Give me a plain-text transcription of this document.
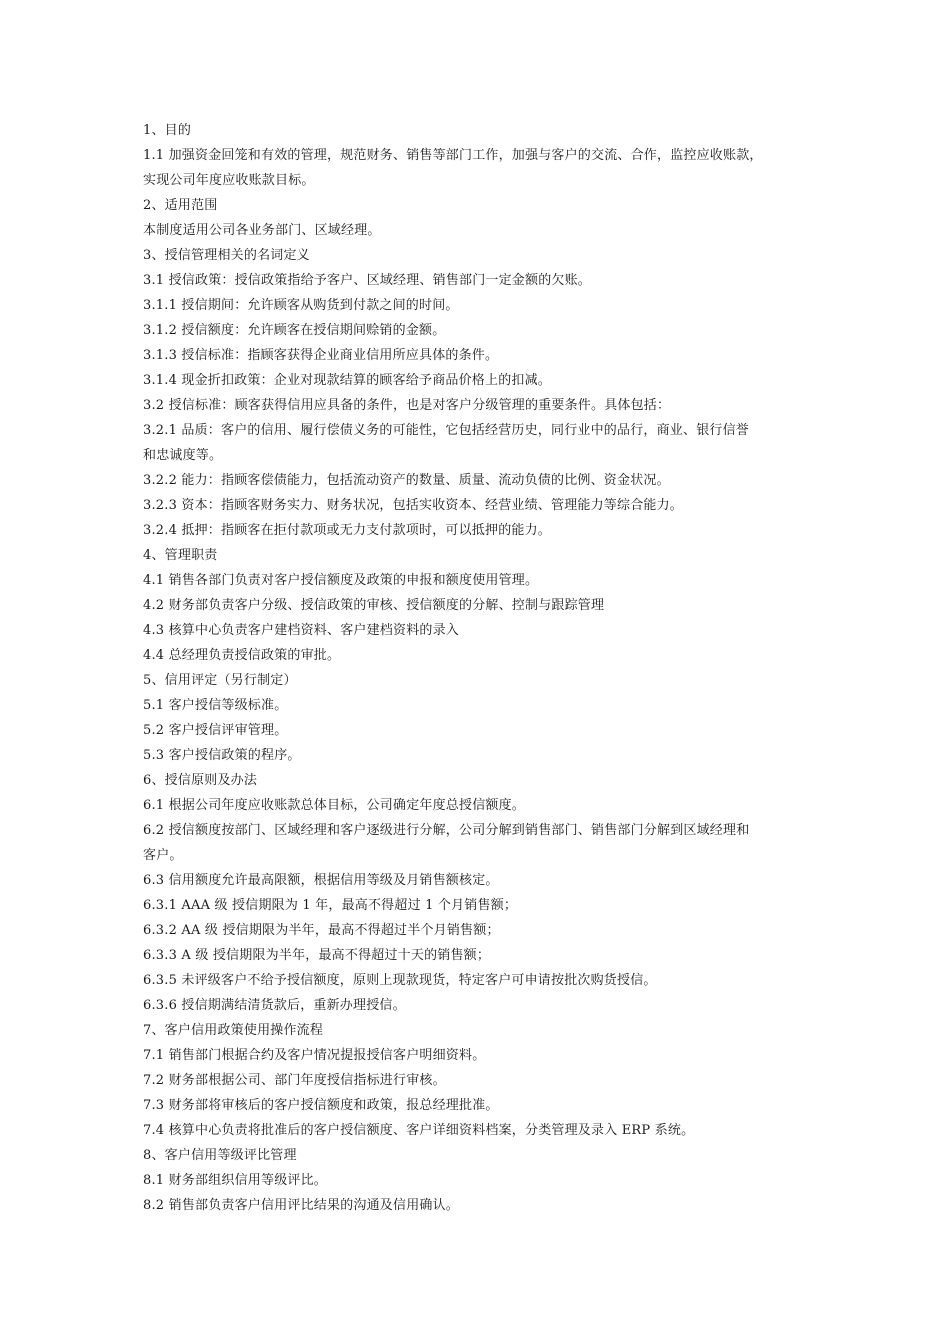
1、目的
1.1 加强资金回笼和有效的管理，规范财务、销售等部门工作，加强与客户的交流、合作，监控应收账款，
实现公司年度应收账款目标。
2、适用范围
本制度适用公司各业务部门、区域经理。
3、授信管理相关的名词定义
3.1 授信政策：授信政策指给予客户、区域经理、销售部门一定金额的欠账。
3.1.1 授信期间：允许顾客从购货到付款之间的时间。
3.1.2 授信额度：允许顾客在授信期间赊销的金额。
3.1.3 授信标准：指顾客获得企业商业信用所应具体的条件。
3.1.4 现金折扣政策：企业对现款结算的顾客给予商品价格上的扣减。
3.2 授信标准：顾客获得信用应具备的条件，也是对客户分级管理的重要条件。具体包括：
3.2.1 品质：客户的信用、履行偿债义务的可能性，它包括经营历史，同行业中的品行，商业、银行信誉
和忠诚度等。
3.2.2 能力：指顾客偿债能力，包括流动资产的数量、质量、流动负债的比例、资金状况。
3.2.3 资本：指顾客财务实力、财务状况，包括实收资本、经营业绩、管理能力等综合能力。
3.2.4 抵押：指顾客在拒付款项或无力支付款项时，可以抵押的能力。
4、管理职责
4.1 销售各部门负责对客户授信额度及政策的申报和额度使用管理。
4.2 财务部负责客户分级、授信政策的审核、授信额度的分解、控制与跟踪管理
4.3 核算中心负责客户建档资料、客户建档资料的录入
4.4 总经理负责授信政策的审批。
5、信用评定（另行制定）
5.1 客户授信等级标准。
5.2 客户授信评审管理。
5.3 客户授信政策的程序。
6、授信原则及办法
6.1 根据公司年度应收账款总体目标，公司确定年度总授信额度。
6.2 授信额度按部门、区域经理和客户逐级进行分解，公司分解到销售部门、销售部门分解到区域经理和
客户。
6.3 信用额度允许最高限额，根据信用等级及月销售额核定。
6.3.1 AAA 级 授信期限为 1 年，最高不得超过 1 个月销售额；
6.3.2 AA 级 授信期限为半年，最高不得超过半个月销售额；
6.3.3 A 级 授信期限为半年，最高不得超过十天的销售额；
6.3.5 未评级客户不给予授信额度，原则上现款现货，特定客户可申请按批次购货授信。
6.3.6 授信期满结清货款后，重新办理授信。
7、客户信用政策使用操作流程
7.1 销售部门根据合约及客户情况提报授信客户明细资料。
7.2 财务部根据公司、部门年度授信指标进行审核。
7.3 财务部将审核后的客户授信额度和政策，报总经理批准。
7.4 核算中心负责将批准后的客户授信额度、客户详细资料档案，分类管理及录入 ERP 系统。
8、客户信用等级评比管理
8.1 财务部组织信用等级评比。
8.2 销售部负责客户信用评比结果的沟通及信用确认。
